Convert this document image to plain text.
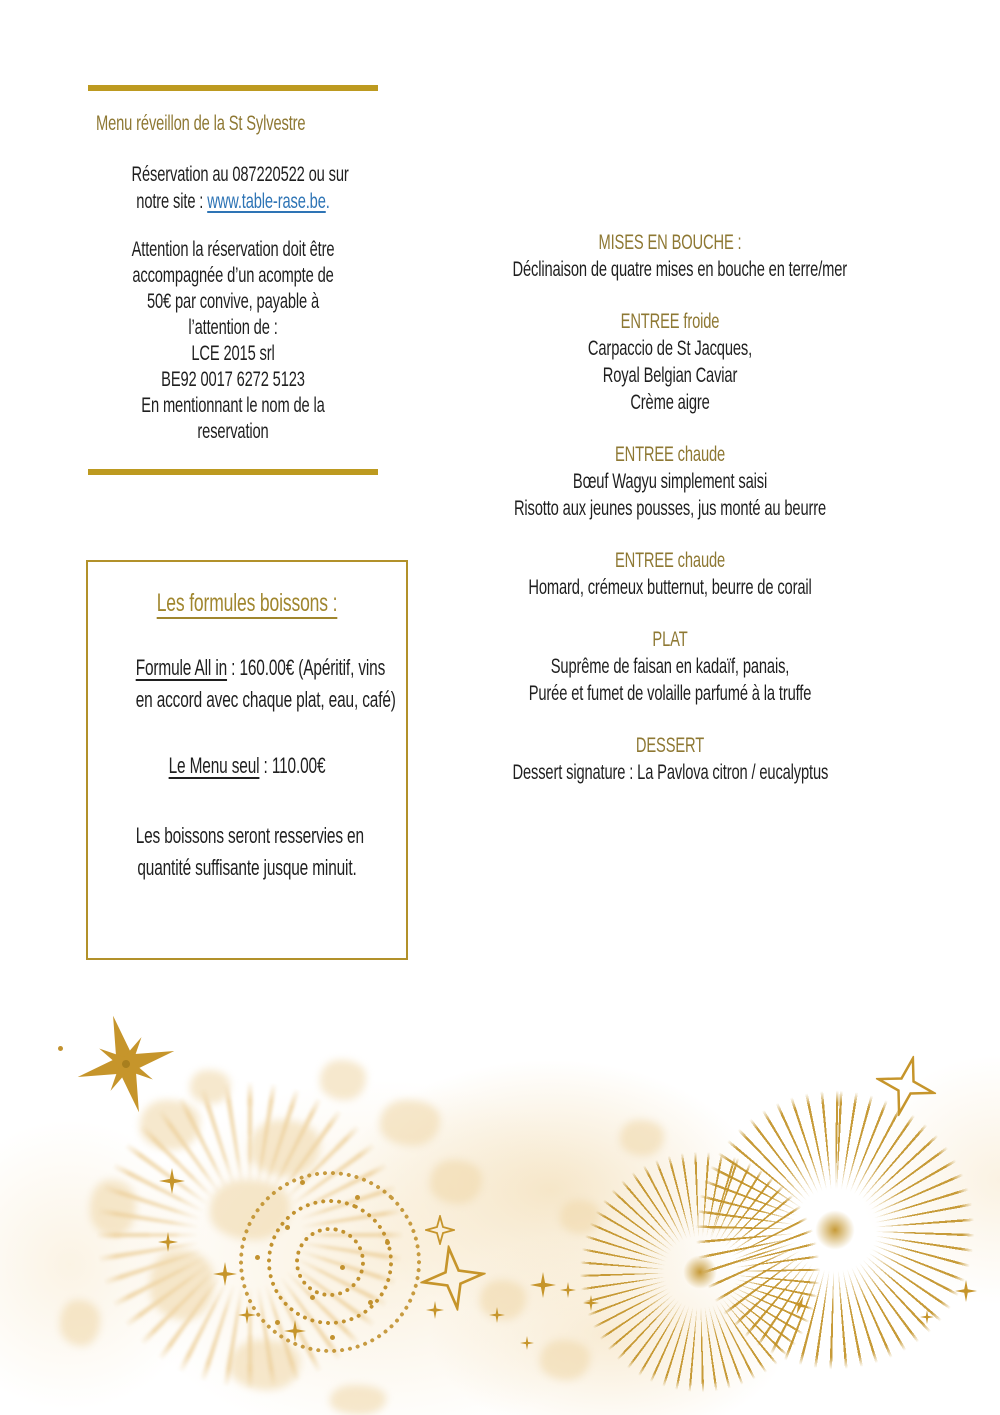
Menu réveillon de la St Sylvestre
Réservation au 087220522 ou sur
notre site : www.table-rase.be.
Attention la réservation doit être
accompagnée d’un acompte de
50€ par convive, payable à
l’attention de :
LCE 2015 srl
BE92 0017 6272 5123
En mentionnant le nom de la
reservation
Les formules boissons :
Formule All in : 160.00€ (Apéritif, vins
en accord avec chaque plat, eau, café)
Le Menu seul : 110.00€
Les boissons seront resservies en
quantité suffisante jusque minuit.
MISES EN BOUCHE :
Déclinaison de quatre mises en bouche en terre/mer
ENTREE froide
Carpaccio de St Jacques,
Royal Belgian Caviar
Crème aigre
ENTREE chaude
Bœuf Wagyu simplement saisi
Risotto aux jeunes pousses, jus monté au beurre
ENTREE chaude
Homard, crémeux butternut, beurre de corail
PLAT
Suprême de faisan en kadaïf, panais,
Purée et fumet de volaille parfumé à la truffe
DESSERT
Dessert signature : La Pavlova citron / eucalyptus
